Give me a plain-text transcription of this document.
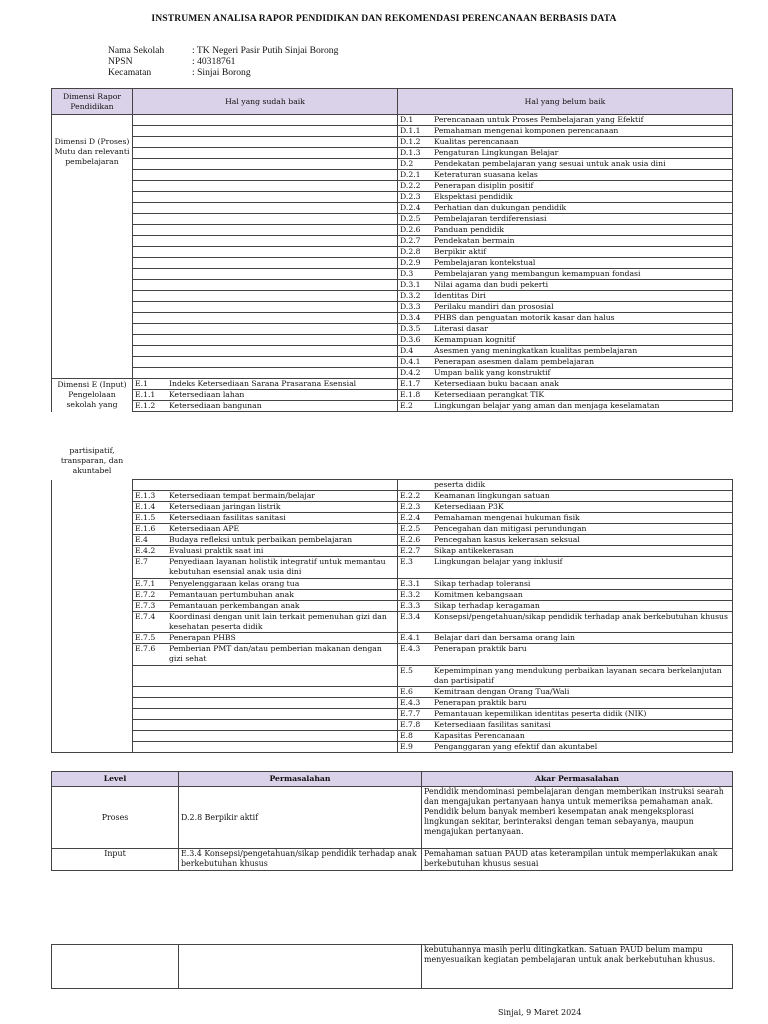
INSTRUMEN ANALISA RAPOR PENDIDIKAN DAN REKOMENDASI PERENCANAAN BERBASIS DATA
Nama Sekolah	: TK Negeri Pasir Putih Sinjai Borong
NPSN	: 40318761
Kecamatan	: Sinjai Borong
Dimensi Rapor Pendidikan	Hal yang sudah baik	Hal yang belum baik

Dimensi D (Proses) Mutu dan relevanti pembelajaran		D.1 Perencanaan untuk Proses Pembelajaran yang Efektif

		D.1.1 Pemahaman mengenai komponen perencanaan

		D.1.2 Kualitas perencanaan

		D.1.3 Pengaturan Lingkungan Belajar

		D.2 Pendekatan pembelajaran yang sesuai untuk anak usia dini

		D.2.1 Keteraturan suasana kelas

		D.2.2 Penerapan disiplin positif

		D.2.3 Ekspektasi pendidik

		D.2.4 Perhatian dan dukungan pendidik

		D.2.5 Pembelajaran terdiferensiasi

		D.2.6 Panduan pendidik

		D.2.7 Pendekatan bermain

		D.2.8 Berpikir aktif

		D.2.9 Pembelajaran kontekstual

		D.3 Pembelajaran yang membangun kemampuan fondasi

		D.3.1 Nilai agama dan budi pekerti

		D.3.2 Identitas Diri

		D.3.3 Perilaku mandiri dan prososial

		D.3.4 PHBS dan penguatan motorik kasar dan halus

		D.3.5 Literasi dasar

		D.3.6 Kemampuan kognitif

		D.4 Asesmen yang meningkatkan kualitas pembelajaran

		D.4.1 Penerapan asesmen dalam pembelajaran

		D.4.2 Umpan balik yang konstruktif

Dimensi E (Input) Pengelolaan sekolah yang	E.1 Indeks Ketersediaan Sarana Prasarana Esensial	E.1.7 Ketersediaan buku bacaan anak

	E.1.1 Ketersediaan lahan	E.1.8 Ketersediaan perangkat TIK

	E.1.2 Ketersediaan bangunan	E.2 Lingkungan belajar yang aman dan menjaga keselamatan
partisipatif, transparan, dan akuntabel		peserta didik

	E.1.3 Ketersediaan tempat bermain/belajar	E.2.2 Keamanan lingkungan satuan

	E.1.4 Ketersediaan jaringan listrik	E.2.3 Ketersediaan P3K

	E.1.5 Ketersediaan fasilitas sanitasi	E.2.4 Pemahaman mengenai hukuman fisik

	E.1.6 Ketersediaan APE	E.2.5 Pencegahan dan mitigasi perundungan

	E.4 Budaya refleksi untuk perbaikan pembelajaran	E.2.6 Pencegahan kasus kekerasan seksual

	E.4.2 Evaluasi praktik saat ini	E.2.7 Sikap antikekerasan

	E.7 Penyediaan layanan holistik integratif untuk memantau kebutuhan esensial anak usia dini	E.3 Lingkungan belajar yang inklusif

	E.7.1 Penyelenggaraan kelas orang tua	E.3.1 Sikap terhadap toleransi

	E.7.2 Pemantauan pertumbuhan anak	E.3.2 Komitmen kebangsaan

	E.7.3 Pemantauan perkembangan anak	E.3.3 Sikap terhadap keragaman

	E.7.4 Koordinasi dengan unit lain terkait pemenuhan gizi dan kesehatan peserta didik	E.3.4 Konsepsi/pengetahuan/sikap pendidik terhadap anak berkebutuhan khusus

	E.7.5 Penerapan PHBS	E.4.1 Belajar dari dan bersama orang lain

	E.7.6 Pemberian PMT dan/atau pemberian makanan dengan gizi sehat	E.4.3 Penerapan praktik baru

		E.5 Kepemimpinan yang mendukung perbaikan layanan secara berkelanjutan dan partisipatif

		E.6 Kemitraan dengan Orang Tua/Wali

		E.4.3 Penerapan praktik baru

		E.7.7 Pemantauan kepemilikan identitas peserta didik (NIK)

		E.7.8 Ketersediaan fasilitas sanitasi

		E.8 Kapasitas Perencanaan

		E.9 Penganggaran yang efektif dan akuntabel
Level	Permasalahan	Akar Permasalahan
Proses	D.2.8 Berpikir aktif	Pendidik mendominasi pembelajaran dengan memberikan instruksi searah dan mengajukan pertanyaan hanya untuk memeriksa pemahaman anak. Pendidik belum banyak memberi kesempatan anak mengeksplorasi lingkungan sekitar, berinteraksi dengan teman sebayanya, maupun mengajukan pertanyaan.
Input	E.3.4 Konsepsi/pengetahuan/sikap pendidik terhadap anak berkebutuhan khusus	Pemahaman satuan PAUD atas keterampilan untuk memperlakukan anak berkebutuhan khusus sesuai
		kebutuhannya masih perlu ditingkatkan. Satuan PAUD belum mampu menyesuaikan kegiatan pembelajaran untuk anak berkebutuhan khusus.
Sinjai, 9 Maret 2024
